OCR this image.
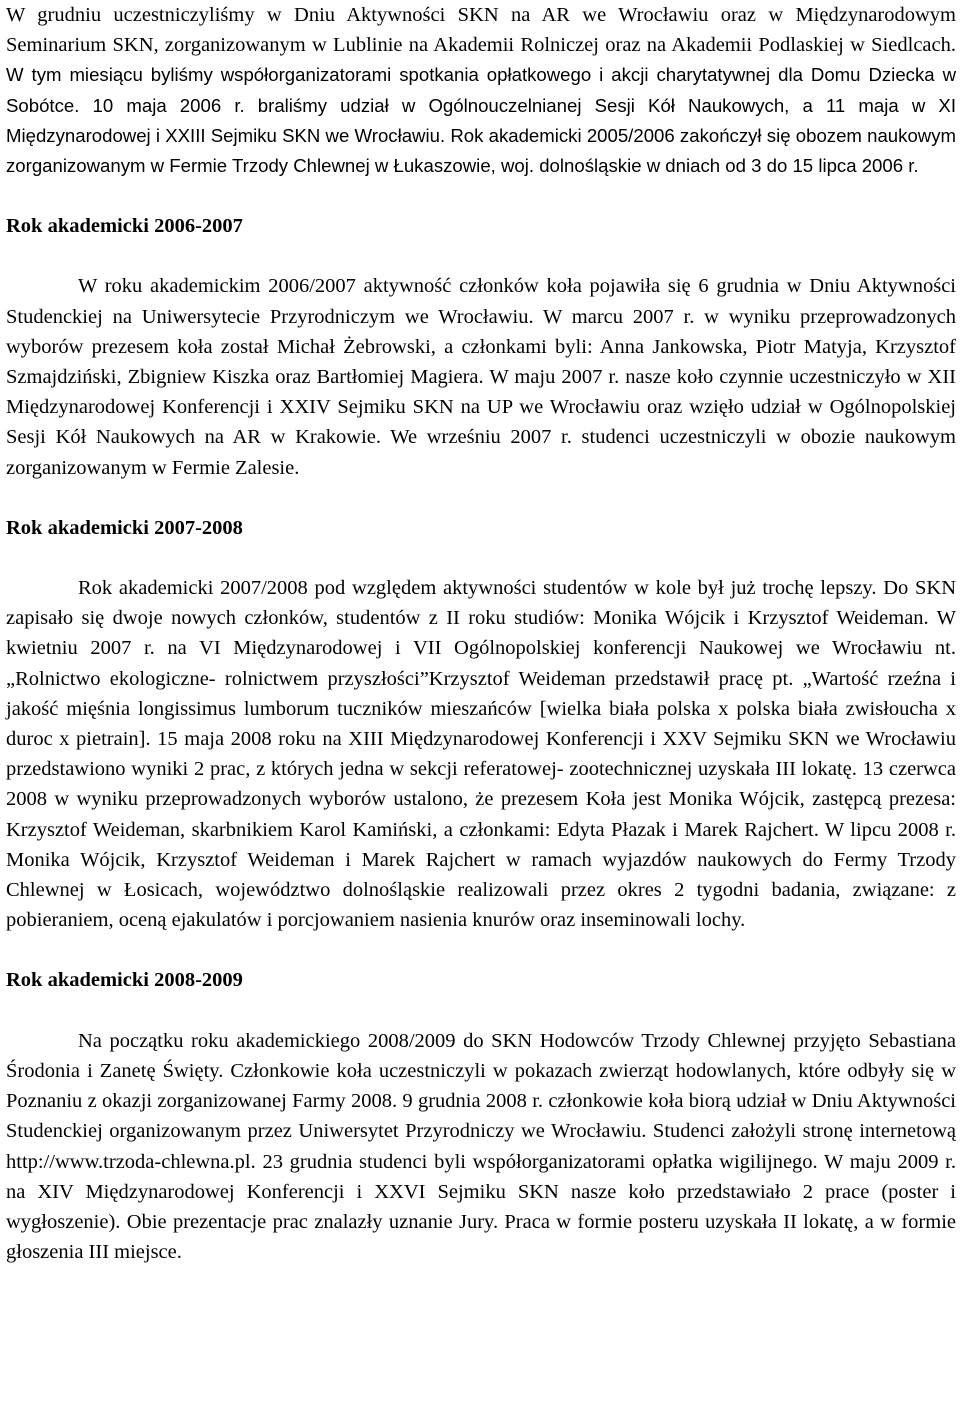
W grudniu uczestniczyliśmy w Dniu Aktywności SKN na AR we Wrocławiu oraz w Międzynarodowym Seminarium SKN, zorganizowanym w Lublinie na Akademii Rolniczej oraz na Akademii Podlaskiej w Siedlcach. W tym miesiącu byliśmy współorganizatorami spotkania opłatkowego i akcji charytatywnej dla Domu Dziecka w Sobótce. 10 maja 2006 r. braliśmy udział w Ogólnouczelnianej Sesji Kół Naukowych, a 11 maja w XI Międzynarodowej i XXIII Sejmiku SKN we Wrocławiu. Rok akademicki 2005/2006 zakończył się obozem naukowym zorganizowanym w Fermie Trzody Chlewnej w Łukaszowie, woj. dolnośląskie w dniach od 3 do 15 lipca 2006 r.

Rok akademicki 2006-2007

W roku akademickim 2006/2007 aktywność członków koła pojawiła się 6 grudnia w Dniu Aktywności Studenckiej na Uniwersytecie Przyrodniczym we Wrocławiu. W marcu 2007 r. w wyniku przeprowadzonych wyborów prezesem koła został Michał Żebrowski, a członkami byli: Anna Jankowska, Piotr Matyja, Krzysztof Szmajdziński, Zbigniew Kiszka oraz Bartłomiej Magiera. W maju 2007 r. nasze koło czynnie uczestniczyło w XII Międzynarodowej Konferencji i XXIV Sejmiku SKN na UP we Wrocławiu oraz wzięło udział w Ogólnopolskiej Sesji Kół Naukowych na AR w Krakowie. We wrześniu 2007 r. studenci uczestniczyli w obozie naukowym zorganizowanym w Fermie Zalesie.

Rok akademicki 2007-2008

Rok akademicki 2007/2008 pod względem aktywności studentów w kole był już trochę lepszy. Do SKN zapisało się dwoje nowych członków, studentów z II roku studiów: Monika Wójcik i Krzysztof Weideman. W kwietniu 2007 r. na VI Międzynarodowej i VII Ogólnopolskiej konferencji Naukowej we Wrocławiu nt. „Rolnictwo ekologiczne- rolnictwem przyszłości”Krzysztof Weideman przedstawił pracę pt. „Wartość rzeźna i jakość mięśnia longissimus lumborum tuczników mieszańców [wielka biała polska x polska biała zwisłoucha x duroc x pietrain]. 15 maja 2008 roku na XIII Międzynarodowej Konferencji i XXV Sejmiku SKN we Wrocławiu przedstawiono wyniki 2 prac, z których jedna w sekcji referatowej- zootechnicznej uzyskała III lokatę. 13 czerwca 2008 w wyniku przeprowadzonych wyborów ustalono, że prezesem Koła jest Monika Wójcik, zastępcą prezesa: Krzysztof Weideman, skarbnikiem Karol Kamiński, a członkami: Edyta Płazak i Marek Rajchert. W lipcu 2008 r. Monika Wójcik, Krzysztof Weideman i Marek Rajchert w ramach wyjazdów naukowych do Fermy Trzody Chlewnej w Łosicach, województwo dolnośląskie realizowali przez okres 2 tygodni badania, związane: z pobieraniem, oceną ejakulatów i porcjowaniem nasienia knurów oraz inseminowali lochy.

Rok akademicki 2008-2009

Na początku roku akademickiego 2008/2009 do SKN Hodowców Trzody Chlewnej przyjęto Sebastiana Środonia i Zanetę Święty. Członkowie koła uczestniczyli w pokazach zwierząt hodowlanych, które odbyły się w Poznaniu z okazji zorganizowanej Farmy 2008. 9 grudnia 2008 r. członkowie koła biorą udział w Dniu Aktywności Studenckiej organizowanym przez Uniwersytet Przyrodniczy we Wrocławiu. Studenci założyli stronę internetową http://www.trzoda-chlewna.pl. 23 grudnia studenci byli współorganizatorami opłatka wigilijnego. W maju 2009 r. na XIV Międzynarodowej Konferencji i XXVI Sejmiku SKN nasze koło przedstawiało 2 prace (poster i wygłoszenie). Obie prezentacje prac znalazły uznanie Jury. Praca w formie posteru uzyskała II lokatę, a w formie głoszenia III miejsce.
